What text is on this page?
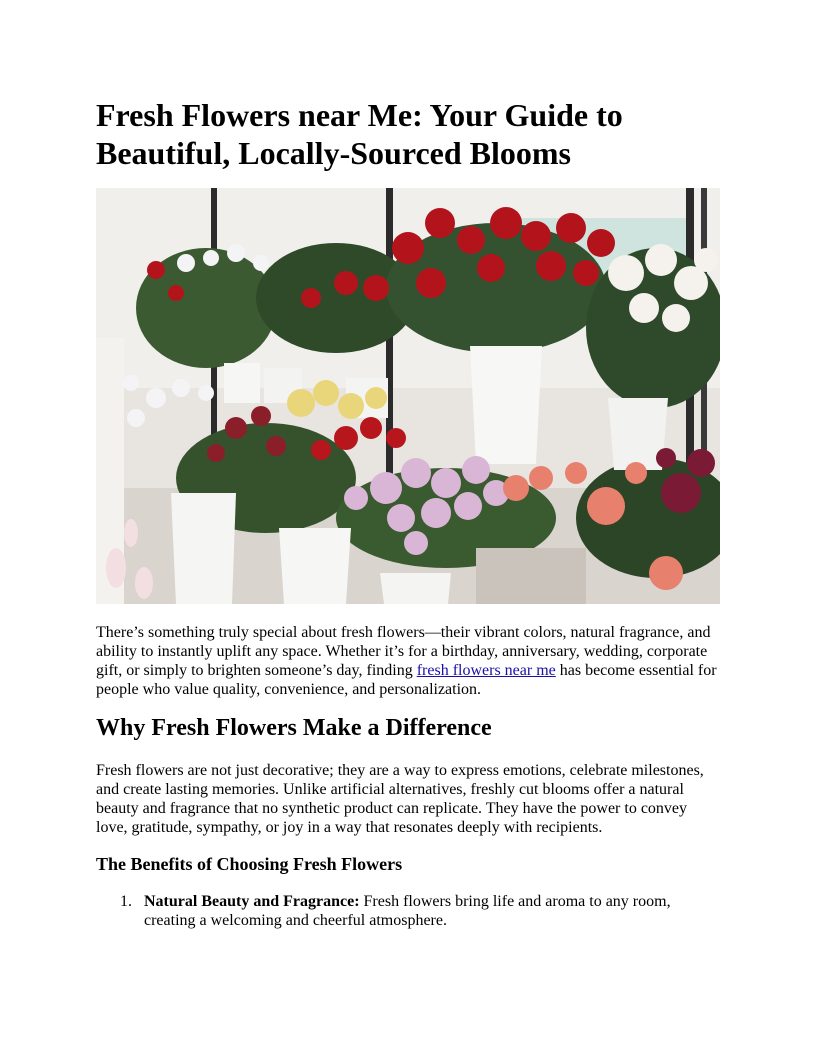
Fresh Flowers near Me: Your Guide to Beautiful, Locally-Sourced Blooms

There’s something truly special about fresh flowers—their vibrant colors, natural fragrance, and ability to instantly uplift any space. Whether it’s for a birthday, anniversary, wedding, corporate gift, or simply to brighten someone’s day, finding fresh flowers near me has become essential for people who value quality, convenience, and personalization.

Why Fresh Flowers Make a Difference

Fresh flowers are not just decorative; they are a way to express emotions, celebrate milestones, and create lasting memories. Unlike artificial alternatives, freshly cut blooms offer a natural beauty and fragrance that no synthetic product can replicate. They have the power to convey love, gratitude, sympathy, or joy in a way that resonates deeply with recipients.

The Benefits of Choosing Fresh Flowers
1. Natural Beauty and Fragrance: Fresh flowers bring life and aroma to any room, creating a welcoming and cheerful atmosphere.
